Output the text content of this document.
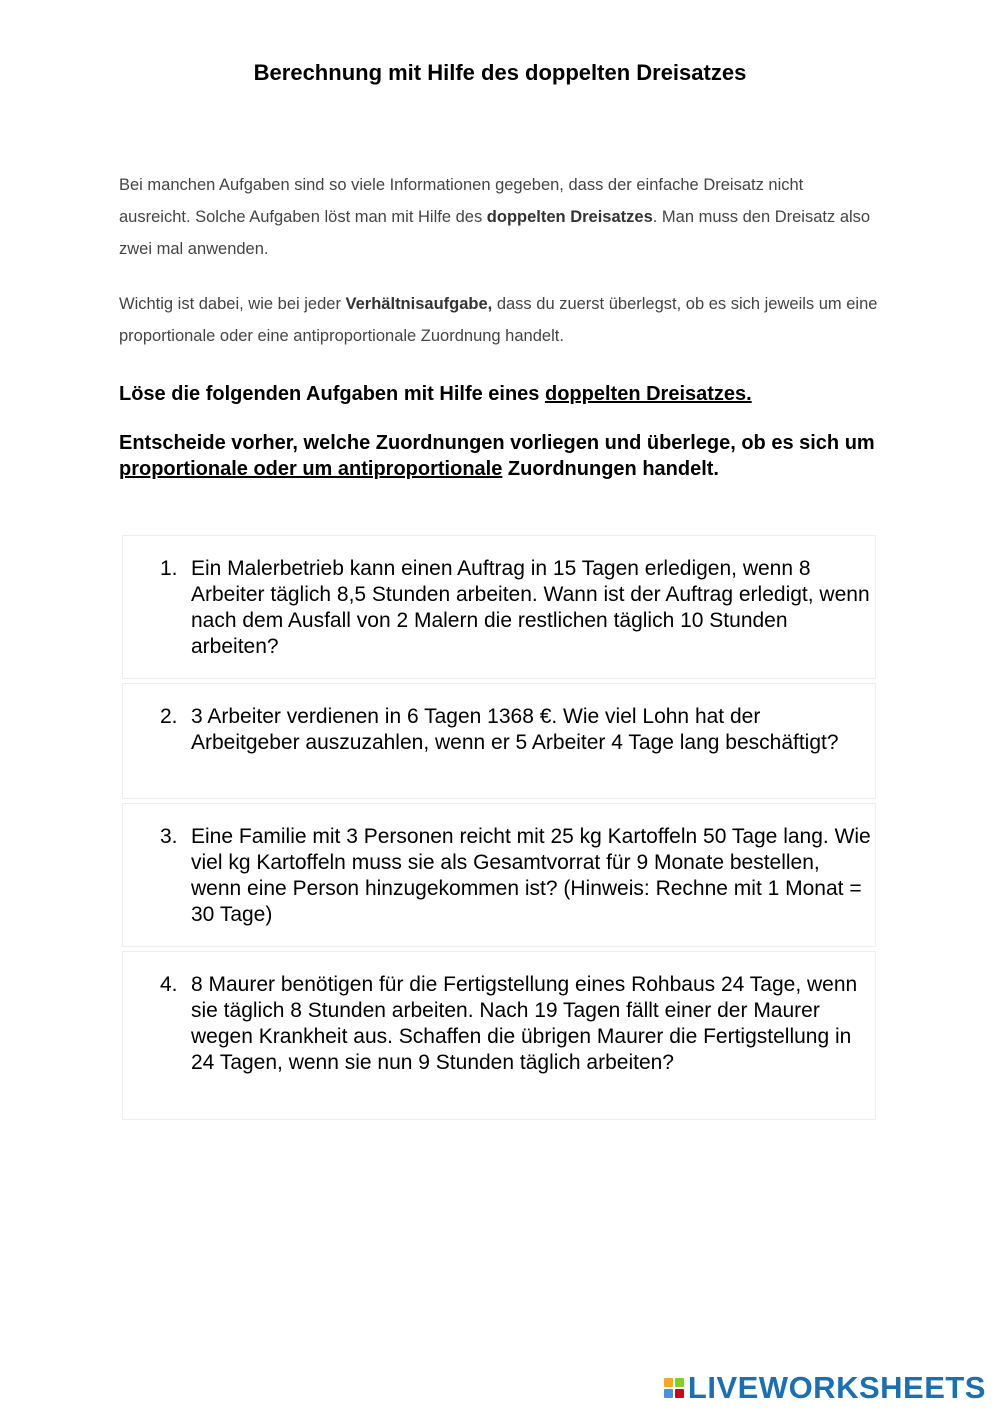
Berechnung mit Hilfe des doppelten Dreisatzes
Bei manchen Aufgaben sind so viele Informationen gegeben, dass der einfache Dreisatz nicht ausreicht. Solche Aufgaben löst man mit Hilfe des doppelten Dreisatzes. Man muss den Dreisatz also zwei mal anwenden.
Wichtig ist dabei, wie bei jeder Verhältnisaufgabe, dass du zuerst überlegst, ob es sich jeweils um eine proportionale oder eine antiproportionale Zuordnung handelt.
Löse die folgenden Aufgaben mit Hilfe eines doppelten Dreisatzes.
Entscheide vorher, welche Zuordnungen vorliegen und überlege, ob es sich um proportionale oder um antiproportionale Zuordnungen handelt.
1. Ein Malerbetrieb kann einen Auftrag in 15 Tagen erledigen, wenn 8 Arbeiter täglich 8,5 Stunden arbeiten. Wann ist der Auftrag erledigt, wenn nach dem Ausfall von 2 Malern die restlichen täglich 10 Stunden arbeiten?
2. 3 Arbeiter verdienen in 6 Tagen 1368 €. Wie viel Lohn hat der Arbeitgeber auszuzahlen, wenn er 5 Arbeiter 4 Tage lang beschäftigt?
3. Eine Familie mit 3 Personen reicht mit 25 kg Kartoffeln 50 Tage lang. Wie viel kg Kartoffeln muss sie als Gesamtvorrat für 9 Monate bestellen, wenn eine Person hinzugekommen ist? (Hinweis: Rechne mit 1 Monat = 30 Tage)
4. 8 Maurer benötigen für die Fertigstellung eines Rohbaus 24 Tage, wenn sie täglich 8 Stunden arbeiten. Nach 19 Tagen fällt einer der Maurer wegen Krankheit aus. Schaffen die übrigen Maurer die Fertigstellung in 24 Tagen, wenn sie nun 9 Stunden täglich arbeiten?
LIVEWORKSHEETS
